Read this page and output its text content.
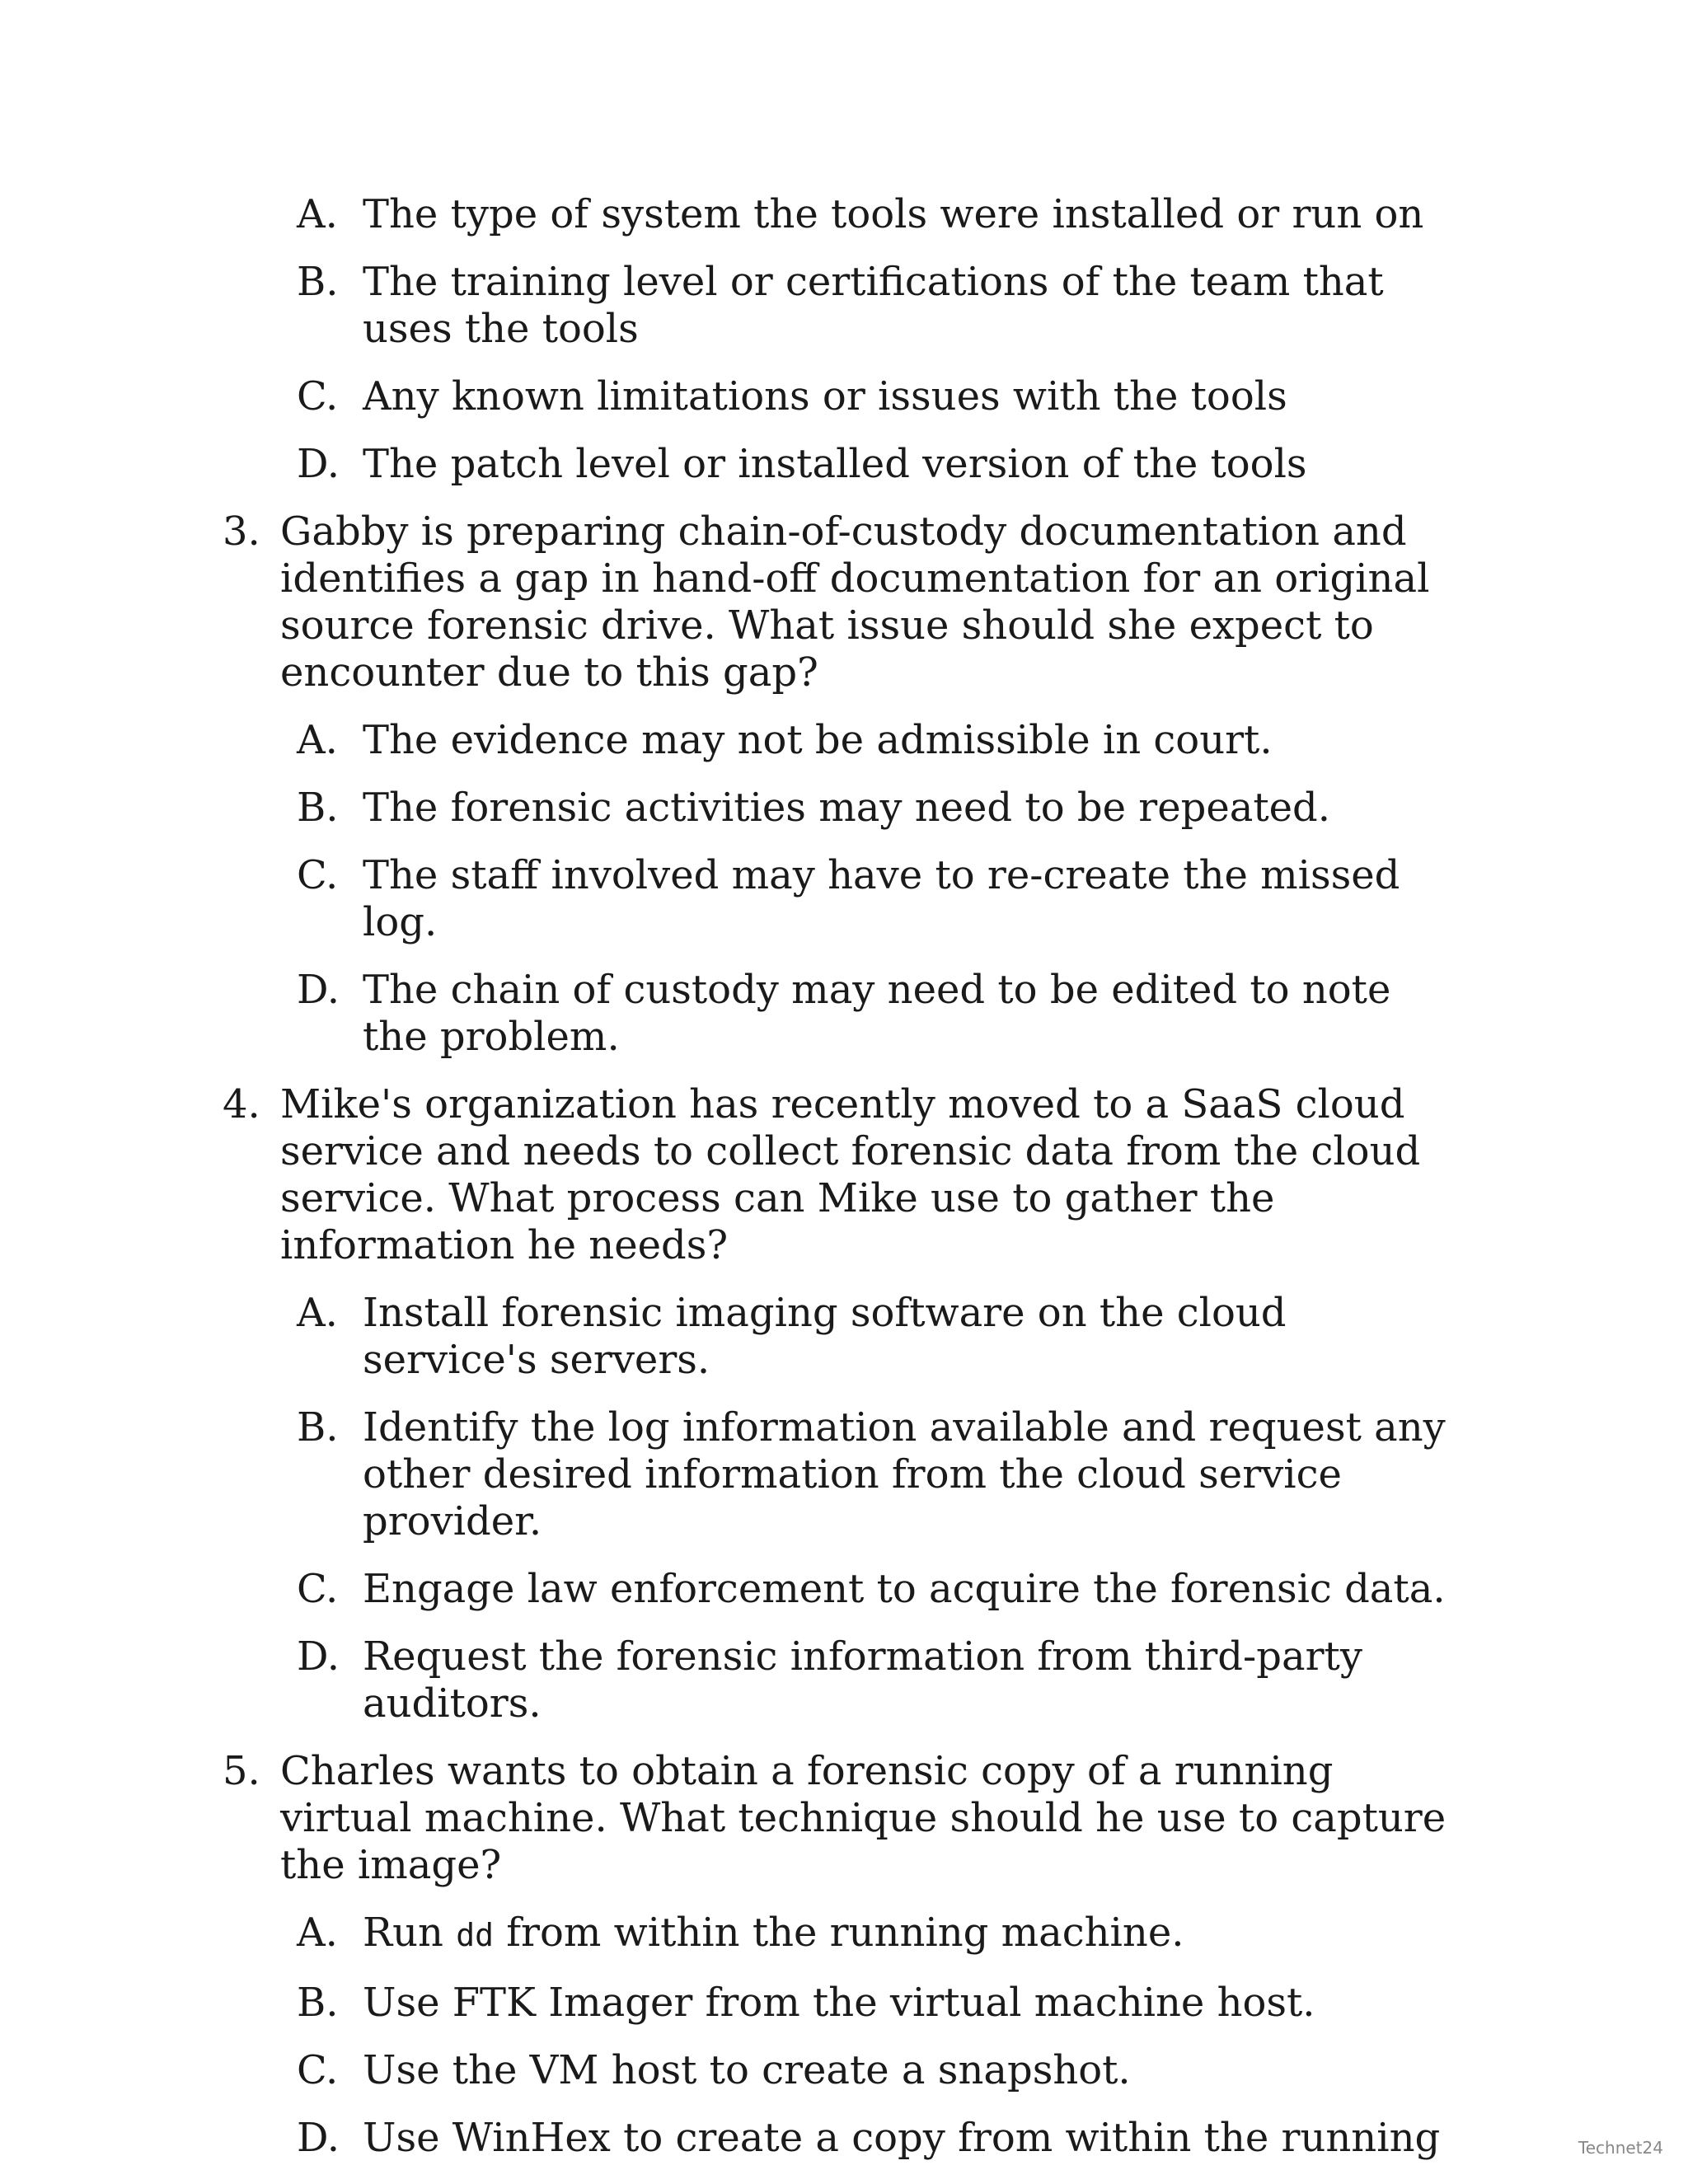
A. The type of system the tools were installed or run on
B. The training level or certifications of the team that uses the tools
C. Any known limitations or issues with the tools
D. The patch level or installed version of the tools
3. Gabby is preparing chain-of-custody documentation and identifies a gap in hand-off documentation for an original source forensic drive. What issue should she expect to encounter due to this gap?
A. The evidence may not be admissible in court.
B. The forensic activities may need to be repeated.
C. The staff involved may have to re-create the missed log.
D. The chain of custody may need to be edited to note the problem.
4. Mike's organization has recently moved to a SaaS cloud service and needs to collect forensic data from the cloud service. What process can Mike use to gather the information he needs?
A. Install forensic imaging software on the cloud service's servers.
B. Identify the log information available and request any other desired information from the cloud service provider.
C. Engage law enforcement to acquire the forensic data.
D. Request the forensic information from third-party auditors.
5. Charles wants to obtain a forensic copy of a running virtual machine. What technique should he use to capture the image?
A. Run dd from within the running machine.
B. Use FTK Imager from the virtual machine host.
C. Use the VM host to create a snapshot.
D. Use WinHex to create a copy from within the running	Technet24
